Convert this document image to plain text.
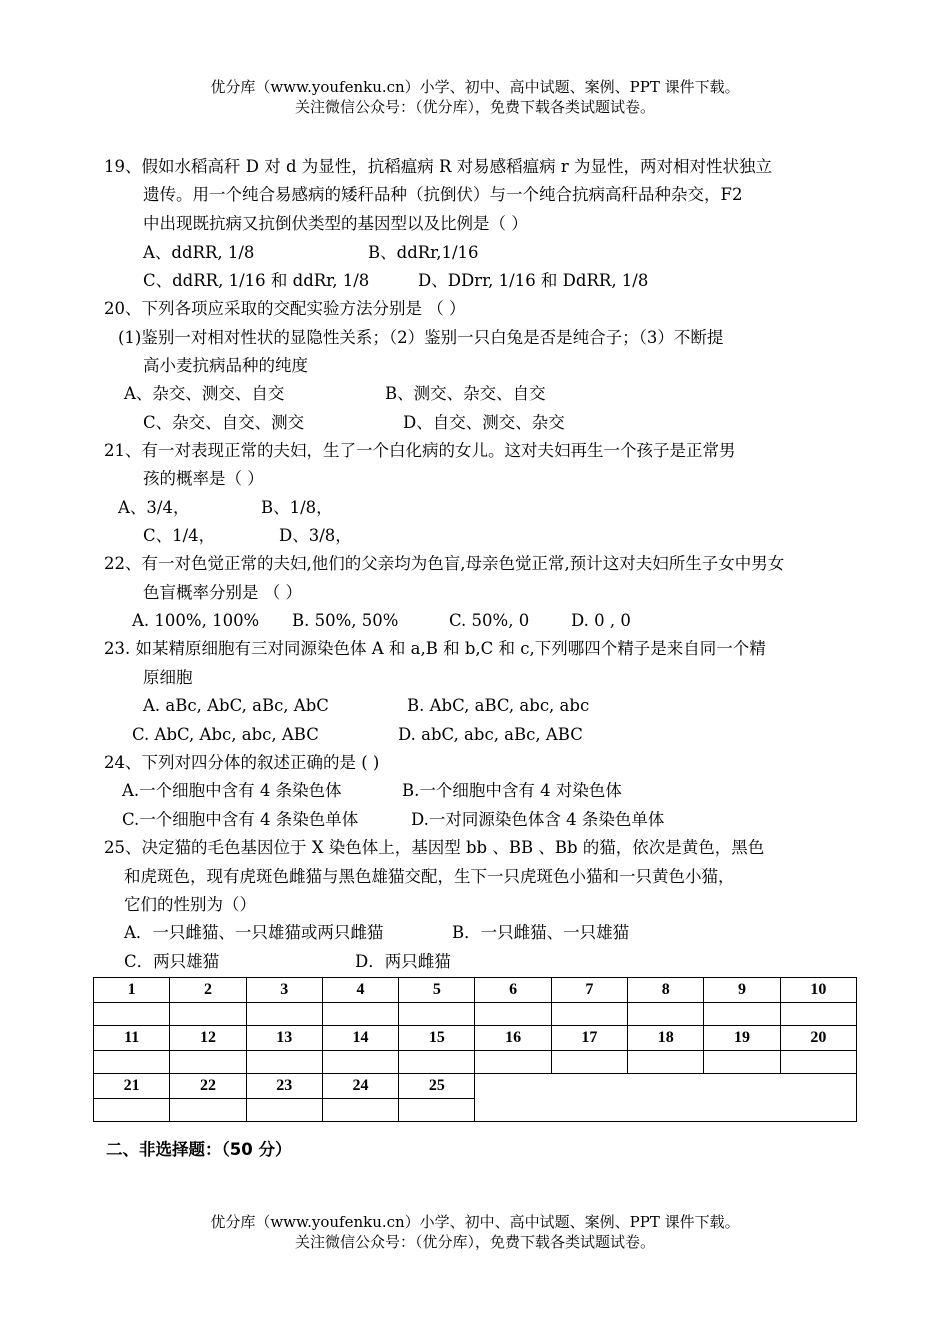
优分库（www.youfenku.cn）小学、初中、高中试题、案例、PPT 课件下载。
关注微信公众号：（优分库），免费下载各类试题试卷。
19、假如水稻高秆 D 对 d 为显性，抗稻瘟病 R 对易感稻瘟病 r 为显性，两对相对性状独立
遗传。用一个纯合易感病的矮秆品种（抗倒伏）与一个纯合抗病高秆品种杂交，F2
中出现既抗病又抗倒伏类型的基因型以及比例是（ ）
A、ddRR, 1/8	B、ddRr,1/16
C、ddRR, 1/16 和 ddRr, 1/8	D、DDrr, 1/16 和 DdRR, 1/8
20、下列各项应采取的交配实验方法分别是 （ ）
(1)鉴别一对相对性状的显隐性关系；（2）鉴别一只白兔是否是纯合子；（3）不断提
高小麦抗病品种的纯度
A、杂交、测交、自交	B、测交、杂交、自交
C、杂交、自交、测交	D、自交、测交、杂交
21、有一对表现正常的夫妇，生了一个白化病的女儿。这对夫妇再生一个孩子是正常男
孩的概率是（ ）
A、3/4，	B、1/8，
C、1/4，	D、3/8，
22、有一对色觉正常的夫妇,他们的父亲均为色盲,母亲色觉正常,预计这对夫妇所生子女中男女
色盲概率分别是 （ ）
A. 100%, 100% B. 50%, 50%	C. 50%, 0	D. 0 , 0
23. 如某精原细胞有三对同源染色体 A 和 a,B 和 b,C 和 c,下列哪四个精子是来自同一个精
原细胞
A. aBc, AbC, aBc, AbC	B. AbC, aBC, abc, abc
C. AbC, Abc, abc, ABC	D. abC, abc, aBc, ABC
24、下列对四分体的叙述正确的是 ( )
A.一个细胞中含有 4 条染色体	B.一个细胞中含有 4 对染色体
C.一个细胞中含有 4 条染色单体	D.一对同源染色体含 4 条染色单体
25、决定猫的毛色基因位于 X 染色体上，基因型 bb 、BB 、Bb 的猫，依次是黄色，黑色
和虎斑色，现有虎斑色雌猫与黑色雄猫交配，生下一只虎斑色小猫和一只黄色小猫，
它们的性别为（）
A．一只雌猫、一只雄猫或两只雌猫	B．一只雌猫、一只雄猫
C．两只雄猫	D．两只雌猫
1	2	3	4	5	6	7	8	9	10

11	12	13	14	15	16	17	18	19	20

21	22	23	24	25					

二、非选择题：（50 分）
优分库（www.youfenku.cn）小学、初中、高中试题、案例、PPT 课件下载。
关注微信公众号：（优分库），免费下载各类试题试卷。
